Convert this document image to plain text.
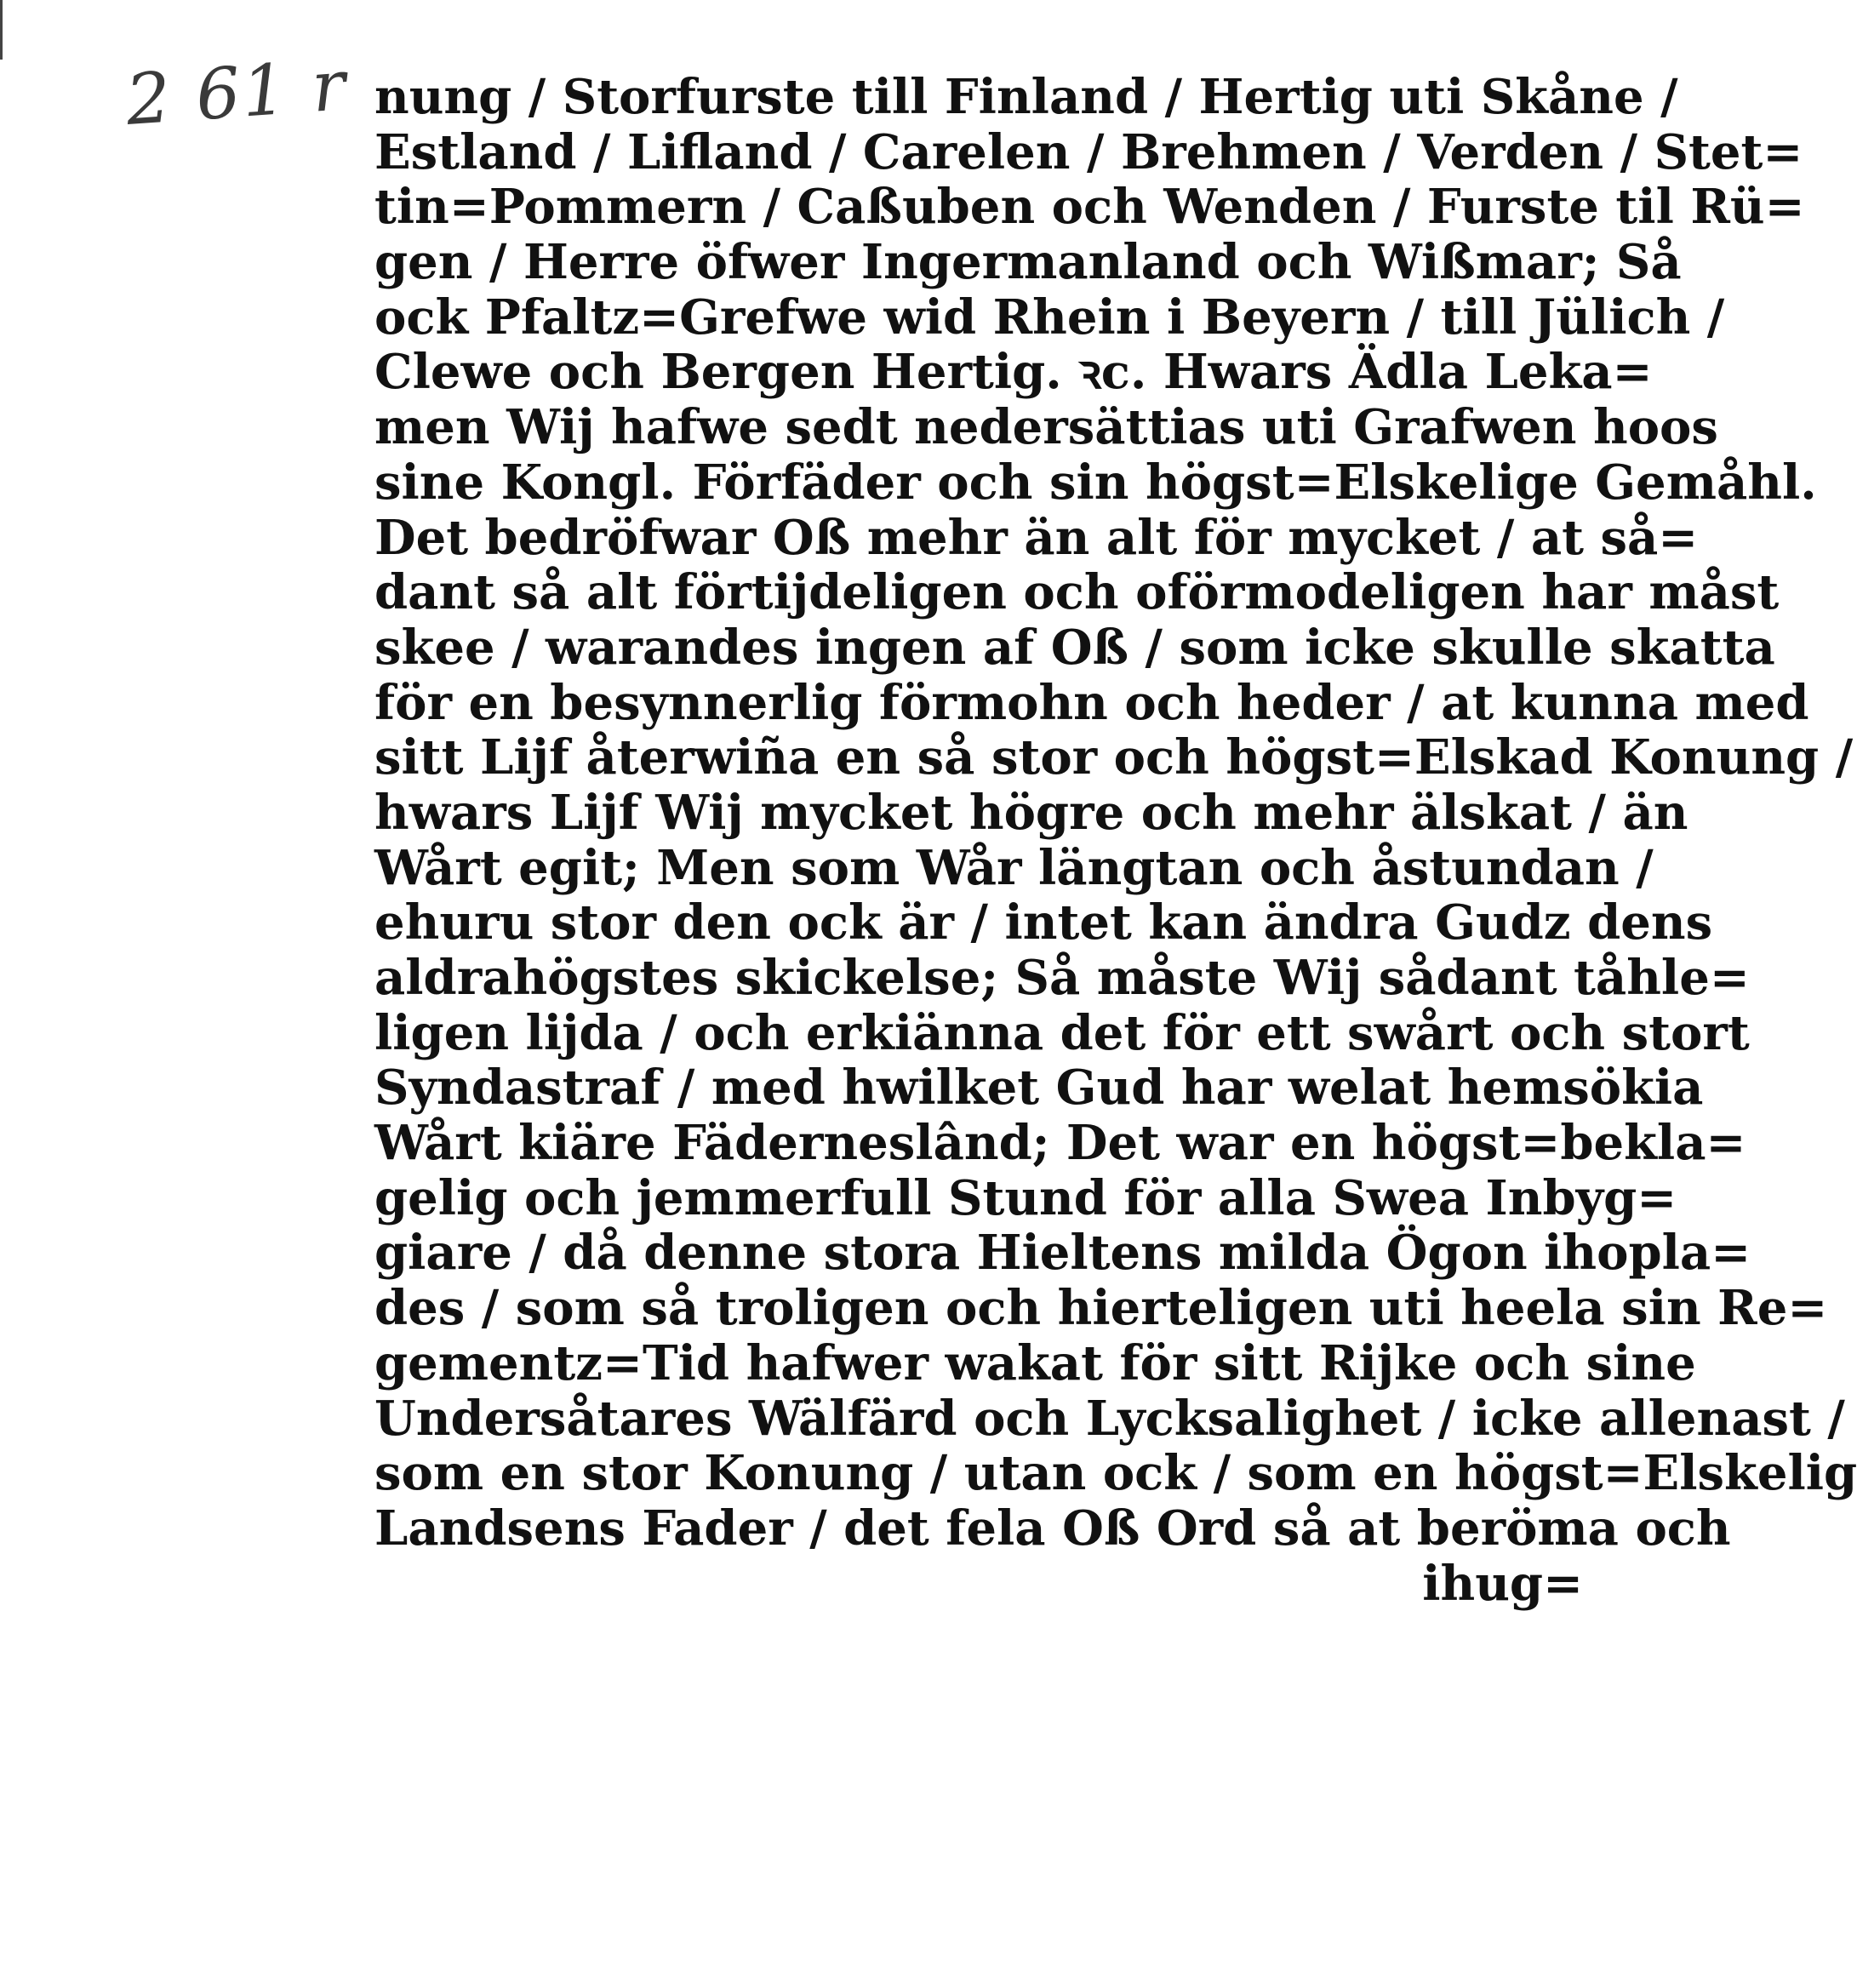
2 61 r nung / Storfurste till Finland / Hertig uti Skåne /
Estland / Lifland / Carelen / Brehmen / Verden / Stet=
tin=Pommern / Caßuben och Wenden / Furste til Rü=
gen / Herre öfwer Ingermanland och Wißmar; Så
ock Pfaltz=Grefwe wid Rhein i Beyern / till Jülich /
Clewe och Bergen Hertig. ꝛc. Hwars Ädla Leka=
men Wij hafwe sedt nedersättias uti Grafwen hoos
sine Kongl. Förfäder och sin högst=Elskelige Gemåhl.
Det bedröfwar Oß mehr än alt för mycket / at så=
dant så alt förtijdeligen och oförmodeligen har måst
skee / warandes ingen af Oß / som icke skulle skatta
för en besynnerlig förmohn och heder / at kunna med
sitt Lijf återwiña en så stor och högst=Elskad Konung /
hwars Lijf Wij mycket högre och mehr älskat / än
Wårt egit; Men som Wår längtan och åstundan /
ehuru stor den ock är / intet kan ändra Gudz dens
aldrahögstes skickelse; Så måste Wij sådant tåhle=
ligen lijda / och erkiänna det för ett swårt och stort
Syndastraf / med hwilket Gud har welat hemsökia
Wårt kiäre Fäderneslând; Det war en högst=bekla=
gelig och jemmerfull Stund för alla Swea Inbyg=
giare / då denne stora Hieltens milda Ögon ihopla=
des / som så troligen och hierteligen uti heela sin Re=
gementz=Tid hafwer wakat för sitt Rijke och sine
Undersåtares Wälfärd och Lycksalighet / icke allenast /
som en stor Konung / utan ock / som en högst=Elskelig
Landsens Fader / det fela Oß Ord så at beröma och
ihug=
